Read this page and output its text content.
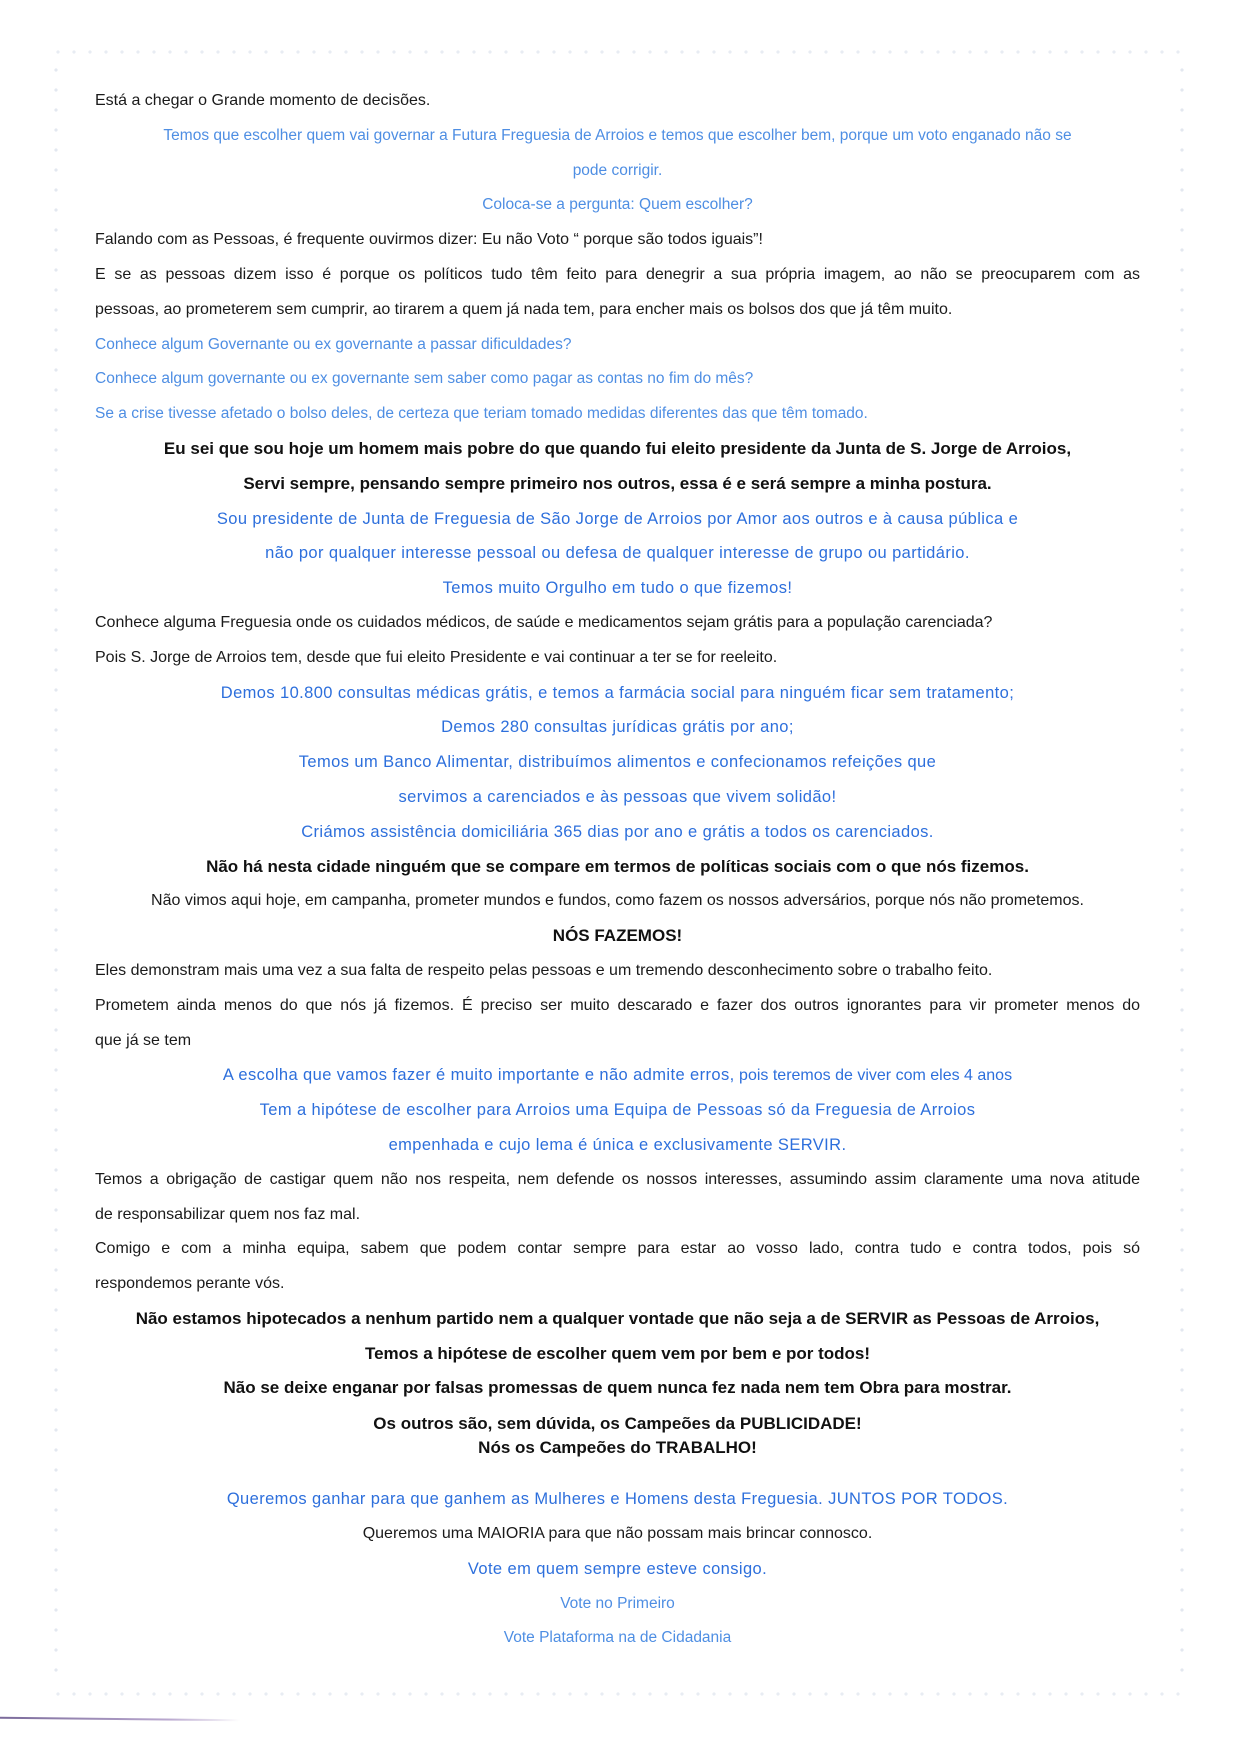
Está a chegar o Grande momento de decisões.
Temos que escolher quem vai governar a Futura Freguesia de Arroios e temos que escolher bem, porque um voto enganado não se
pode corrigir.
Coloca-se a pergunta: Quem escolher?
Falando com as Pessoas, é frequente ouvirmos dizer: Eu não Voto “ porque são todos iguais”!
E se as pessoas dizem isso é porque os políticos tudo têm feito para denegrir a sua própria imagem, ao não se preocuparem com as
pessoas, ao prometerem sem cumprir, ao tirarem a quem já nada tem, para encher mais os bolsos dos que já têm muito.
Conhece algum Governante ou ex governante a passar dificuldades?
Conhece algum governante ou ex governante sem saber como pagar as contas no fim do mês?
Se a crise tivesse afetado o bolso deles, de certeza que teriam tomado medidas diferentes das que têm tomado.
Eu sei que sou hoje um homem mais pobre do que quando fui eleito presidente da Junta de S. Jorge de Arroios,
Servi sempre, pensando sempre primeiro nos outros, essa é e será sempre a minha postura.
Sou presidente de Junta de Freguesia de São Jorge de Arroios por Amor aos outros e à causa pública e
não por qualquer interesse pessoal ou defesa de qualquer interesse de grupo ou partidário.
Temos muito Orgulho em tudo o que fizemos!
Conhece alguma Freguesia onde os cuidados médicos, de saúde e medicamentos sejam grátis para a população carenciada?
Pois S. Jorge de Arroios tem, desde que fui eleito Presidente e vai continuar a ter se for reeleito.
Demos 10.800 consultas médicas grátis, e temos a farmácia social para ninguém ficar sem tratamento;
Demos 280 consultas jurídicas grátis por ano;
Temos um Banco Alimentar, distribuímos alimentos e confecionamos refeições que
servimos a carenciados e às pessoas que vivem solidão!
Criámos assistência domiciliária 365 dias por ano e grátis a todos os carenciados.
Não há nesta cidade ninguém que se compare em termos de políticas sociais com o que nós fizemos.
Não vimos aqui hoje, em campanha, prometer mundos e fundos, como fazem os nossos adversários, porque nós não prometemos.
NÓS FAZEMOS!
Eles demonstram mais uma vez a sua falta de respeito pelas pessoas e um tremendo desconhecimento sobre o trabalho feito.
Prometem ainda menos do que nós já fizemos. É preciso ser muito descarado e fazer dos outros ignorantes para vir prometer menos do
que já se tem
A escolha que vamos fazer é muito importante e não admite erros, pois teremos de viver com eles 4 anos
Tem a hipótese de escolher para Arroios uma Equipa de Pessoas só da Freguesia de Arroios
empenhada e cujo lema é única e exclusivamente SERVIR.
Temos a obrigação de castigar quem não nos respeita, nem defende os nossos interesses, assumindo assim claramente uma nova atitude
de responsabilizar quem nos faz mal.
Comigo e com a minha equipa, sabem que podem contar sempre para estar ao vosso lado, contra tudo e contra todos, pois só
respondemos perante vós.
Não estamos hipotecados a nenhum partido nem a qualquer vontade que não seja a de SERVIR as Pessoas de Arroios,
Temos a hipótese de escolher quem vem por bem e por todos!
Não se deixe enganar por falsas promessas de quem nunca fez nada nem tem Obra para mostrar.
Os outros são, sem dúvida, os Campeões da PUBLICIDADE!
Nós os Campeões do TRABALHO!
Queremos ganhar para que ganhem as Mulheres e Homens desta Freguesia. JUNTOS POR TODOS.
Queremos uma MAIORIA para que não possam mais brincar connosco.
Vote em quem sempre esteve consigo.
Vote no Primeiro
Vote Plataforma na de Cidadania
